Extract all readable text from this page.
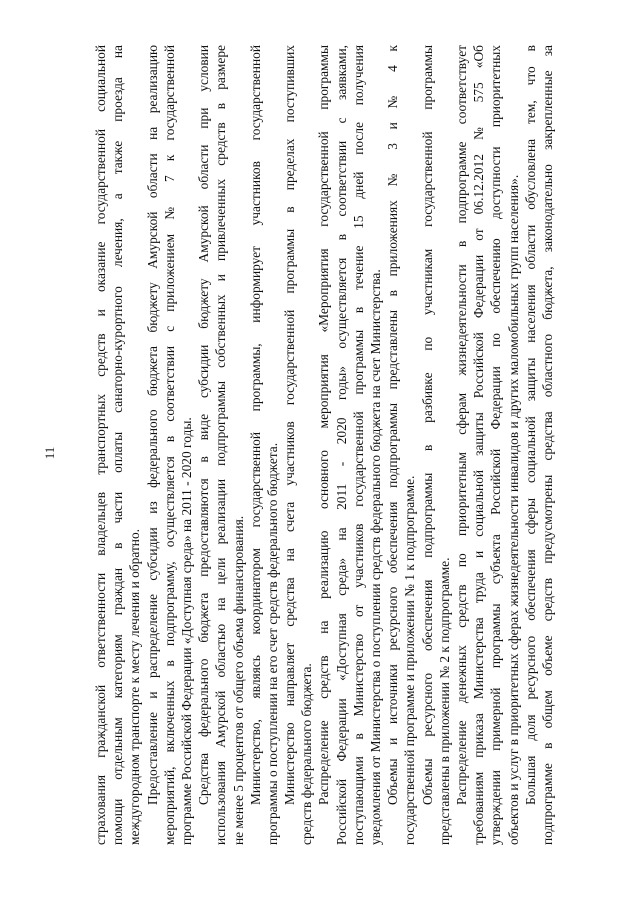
11	страхования гражданской ответственности владельцев транспортных средств и оказание государственной социальной помощи отдельным категориям граждан в части оплаты санаторно-курортного лечения, а также проезда на междугородном транспорте к месту лечения и обратно. Предоставление и распределение субсидии из федерального бюджета бюджету Амурской области на реализацию мероприятий, включенных в подпрограмму, осуществляется в соответствии с приложением № 7 к государственной программе Российской Федерации «Доступная среда» на 2011 - 2020 годы. Средства федерального бюджета предоставляются в виде субсидии бюджету Амурской области при условии использования Амурской областью на цели реализации подпрограммы собственных и привлеченных средств в размере не менее 5 процентов от общего объема финансирования. Министерство, являясь координатором государственной программы, информирует участников государственной программы о поступлении на его счет средств федерального бюджета. Министерство направляет средства на счета участников государственной программы в пределах поступивших средств федерального бюджета. Распределение средств на реализацию основного мероприятия «Мероприятия государственной программы Российской Федерации «Доступная среда» на 2011 - 2020 годы» осуществляется в соответствии с заявками, поступающими в Министерство от участников государственной программы в течение 15 дней после получения уведомления от Министерства о поступлении средств федерального бюджета на счет Министерства. Объемы и источники ресурсного обеспечения подпрограммы представлены в приложениях № 3 и № 4 к государственной программе и приложении № 1 к подпрограмме. Объемы ресурсного обеспечения подпрограммы в разбивке по участникам государственной программы представлены в приложении № 2 к подпрограмме. Распределение денежных средств по приоритетным сферам жизнедеятельности в подпрограмме соответствует требованиям приказа Министерства труда и социальной защиты Российской Федерации от 06.12.2012 № 575 «Об утверждении примерной программы субъекта Российской Федерации по обеспечению доступности приоритетных объектов и услуг в приоритетных сферах жизнедеятельности инвалидов и других маломобильных групп населения». Большая доля ресурсного обеспечения сферы социальной защиты населения области обусловлена тем, что в подпрограмме в общем объеме средств предусмотрены средства областного бюджета, законодательно закрепленные за
